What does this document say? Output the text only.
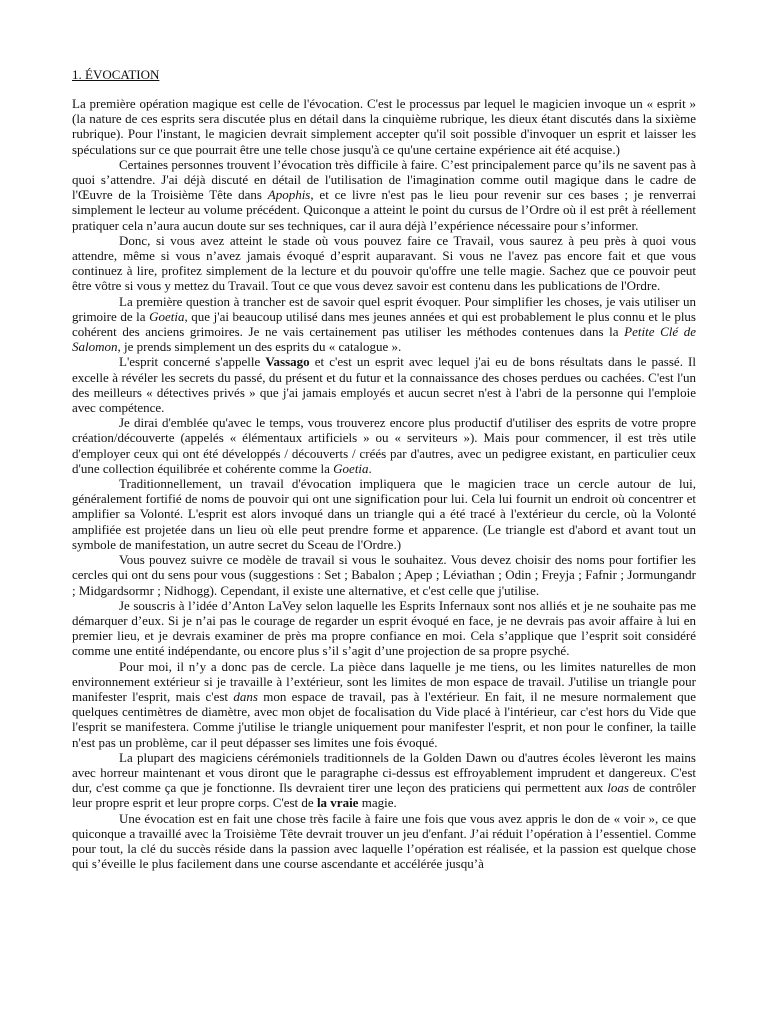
1. ÉVOCATION

La première opération magique est celle de l'évocation. C'est le processus par lequel le magicien invoque un « esprit » (la nature de ces esprits sera discutée plus en détail dans la cinquième rubrique, les dieux étant discutés dans la sixième rubrique). Pour l'instant, le magicien devrait simplement accepter qu'il soit possible d'invoquer un esprit et laisser les spéculations sur ce que pourrait être une telle chose jusqu'à ce qu'une certaine expérience ait été acquise.)

Certaines personnes trouvent l’évocation très difficile à faire. C’est principalement parce qu’ils ne savent pas à quoi s’attendre. J'ai déjà discuté en détail de l'utilisation de l'imagination comme outil magique dans le cadre de l'Œuvre de la Troisième Tête dans Apophis, et ce livre n'est pas le lieu pour revenir sur ces bases ; je renverrai simplement le lecteur au volume précédent. Quiconque a atteint le point du cursus de l’Ordre où il est prêt à réellement pratiquer cela n’aura aucun doute sur ses techniques, car il aura déjà l’expérience nécessaire pour s’informer.

Donc, si vous avez atteint le stade où vous pouvez faire ce Travail, vous saurez à peu près à quoi vous attendre, même si vous n’avez jamais évoqué d’esprit auparavant. Si vous ne l'avez pas encore fait et que vous continuez à lire, profitez simplement de la lecture et du pouvoir qu'offre une telle magie. Sachez que ce pouvoir peut être vôtre si vous y mettez du Travail. Tout ce que vous devez savoir est contenu dans les publications de l'Ordre.

La première question à trancher est de savoir quel esprit évoquer. Pour simplifier les choses, je vais utiliser un grimoire de la Goetia, que j'ai beaucoup utilisé dans mes jeunes années et qui est probablement le plus connu et le plus cohérent des anciens grimoires. Je ne vais certainement pas utiliser les méthodes contenues dans la Petite Clé de Salomon, je prends simplement un des esprits du « catalogue ».

L'esprit concerné s'appelle Vassago et c'est un esprit avec lequel j'ai eu de bons résultats dans le passé. Il excelle à révéler les secrets du passé, du présent et du futur et la connaissance des choses perdues ou cachées. C'est l'un des meilleurs « détectives privés » que j'ai jamais employés et aucun secret n'est à l'abri de la personne qui l'emploie avec compétence.

Je dirai d'emblée qu'avec le temps, vous trouverez encore plus productif d'utiliser des esprits de votre propre création/découverte (appelés « élémentaux artificiels » ou « serviteurs »). Mais pour commencer, il est très utile d'employer ceux qui ont été développés / découverts / créés par d'autres, avec un pedigree existant, en particulier ceux d'une collection équilibrée et cohérente comme la Goetia.

Traditionnellement, un travail d'évocation impliquera que le magicien trace un cercle autour de lui, généralement fortifié de noms de pouvoir qui ont une signification pour lui. Cela lui fournit un endroit où concentrer et amplifier sa Volonté. L'esprit est alors invoqué dans un triangle qui a été tracé à l'extérieur du cercle, où la Volonté amplifiée est projetée dans un lieu où elle peut prendre forme et apparence. (Le triangle est d'abord et avant tout un symbole de manifestation, un autre secret du Sceau de l'Ordre.)

Vous pouvez suivre ce modèle de travail si vous le souhaitez. Vous devez choisir des noms pour fortifier les cercles qui ont du sens pour vous (suggestions : Set ; Babalon ; Apep ; Léviathan ; Odin ; Freyja ; Fafnir ; Jormungandr ; Midgardsormr ; Nidhogg). Cependant, il existe une alternative, et c'est celle que j'utilise.

Je souscris à l’idée d’Anton LaVey selon laquelle les Esprits Infernaux sont nos alliés et je ne souhaite pas me démarquer d’eux. Si je n’ai pas le courage de regarder un esprit évoqué en face, je ne devrais pas avoir affaire à lui en premier lieu, et je devrais examiner de près ma propre confiance en moi. Cela s’applique que l’esprit soit considéré comme une entité indépendante, ou encore plus s’il s’agit d’une projection de sa propre psyché.

Pour moi, il n’y a donc pas de cercle. La pièce dans laquelle je me tiens, ou les limites naturelles de mon environnement extérieur si je travaille à l’extérieur, sont les limites de mon espace de travail. J'utilise un triangle pour manifester l'esprit, mais c'est dans mon espace de travail, pas à l'extérieur. En fait, il ne mesure normalement que quelques centimètres de diamètre, avec mon objet de focalisation du Vide placé à l'intérieur, car c'est hors du Vide que l'esprit se manifestera. Comme j'utilise le triangle uniquement pour manifester l'esprit, et non pour le confiner, la taille n'est pas un problème, car il peut dépasser ses limites une fois évoqué.

La plupart des magiciens cérémoniels traditionnels de la Golden Dawn ou d'autres écoles lèveront les mains avec horreur maintenant et vous diront que le paragraphe ci-dessus est effroyablement imprudent et dangereux. C'est dur, c'est comme ça que je fonctionne. Ils devraient tirer une leçon des praticiens qui permettent aux loas de contrôler leur propre esprit et leur propre corps. C'est de la vraie magie.

Une évocation est en fait une chose très facile à faire une fois que vous avez appris le don de « voir », ce que quiconque a travaillé avec la Troisième Tête devrait trouver un jeu d'enfant. J’ai réduit l’opération à l’essentiel. Comme pour tout, la clé du succès réside dans la passion avec laquelle l’opération est réalisée, et la passion est quelque chose qui s’éveille le plus facilement dans une course ascendante et accélérée jusqu’à
